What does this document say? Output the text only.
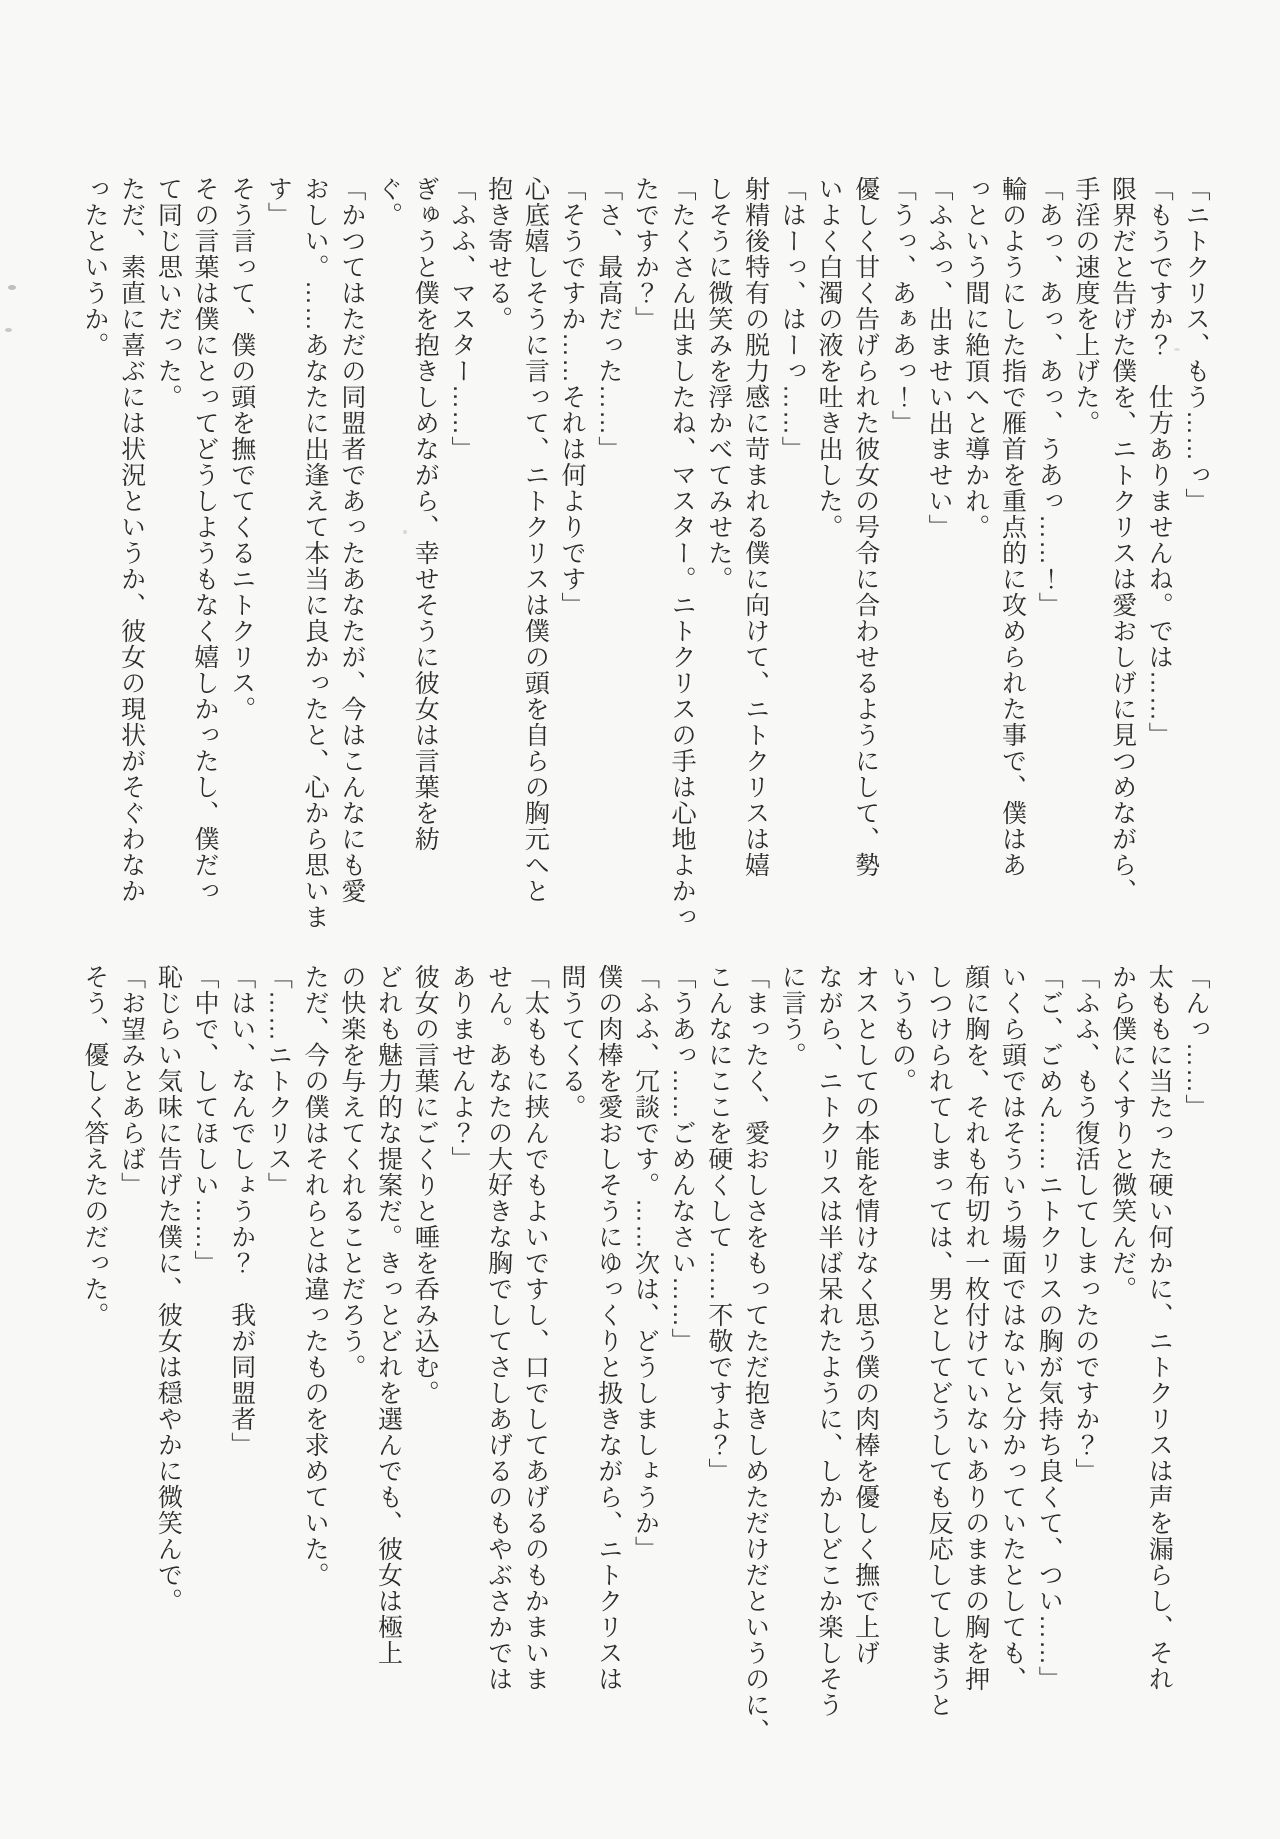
「ニトクリス、もう……っ」

「もうですか？　仕方ありませんね。では……」

限界だと告げた僕を、ニトクリスは愛おしげに見つめながら、

手淫の速度を上げた。

「あっ、あっ、あっ、うあっ……！」

輪のようにした指で雁首を重点的に攻められた事で、僕はあ

っという間に絶頂へと導かれ。

「ふふっ、出ませい出ませい」

「うっ、あぁあっ！」

優しく甘く告げられた彼女の号令に合わせるようにして、勢

いよく白濁の液を吐き出した。

「はーっ、はーっ……」

射精後特有の脱力感に苛まれる僕に向けて、ニトクリスは嬉

しそうに微笑みを浮かべてみせた。

「たくさん出ましたね、マスター。ニトクリスの手は心地よかっ

たですか？」

「さ、最高だった……」

「そうですか……それは何よりです」

心底嬉しそうに言って、ニトクリスは僕の頭を自らの胸元へと

抱き寄せる。

「ふふ、マスター……」

ぎゅうと僕を抱きしめながら、幸せそうに彼女は言葉を紡

ぐ。

「かつてはただの同盟者であったあなたが、今はこんなにも愛

おしい。……あなたに出逢えて本当に良かったと、心から思いま

す」

そう言って、僕の頭を撫でてくるニトクリス。

その言葉は僕にとってどうしようもなく嬉しかったし、僕だっ

て同じ思いだった。

ただ、素直に喜ぶには状況というか、彼女の現状がそぐわなか

ったというか。

「んっ……」

太ももに当たった硬い何かに、ニトクリスは声を漏らし、それ

から僕にくすりと微笑んだ。

「ふふ、もう復活してしまったのですか？」

「ご、ごめん……ニトクリスの胸が気持ち良くて、つい……」

いくら頭ではそういう場面ではないと分かっていたとしても、

顔に胸を、それも布切れ一枚付けていないありのままの胸を押

しつけられてしまっては、男としてどうしても反応してしまうと

いうもの。

オスとしての本能を情けなく思う僕の肉棒を優しく撫で上げ

ながら、ニトクリスは半ば呆れたように、しかしどこか楽しそう

に言う。

「まったく、愛おしさをもってただ抱きしめただけだというのに、

こんなにここを硬くして……不敬ですよ？」

「うあっ……ごめんなさい……」

「ふふ、冗談です。……次は、どうしましょうか」

僕の肉棒を愛おしそうにゆっくりと扱きながら、ニトクリスは

問うてくる。

「太ももに挟んでもよいですし、口でしてあげるのもかまいま

せん。あなたの大好きな胸でしてさしあげるのもやぶさかでは

ありませんよ？」

彼女の言葉にごくりと唾を呑み込む。

どれも魅力的な提案だ。きっとどれを選んでも、彼女は極上

の快楽を与えてくれることだろう。

ただ、今の僕はそれらとは違ったものを求めていた。

「……ニトクリス」

「はい、なんでしょうか？　我が同盟者」

「中で、してほしい……」

恥じらい気味に告げた僕に、彼女は穏やかに微笑んで。

「お望みとあらば」

そう、優しく答えたのだった。
